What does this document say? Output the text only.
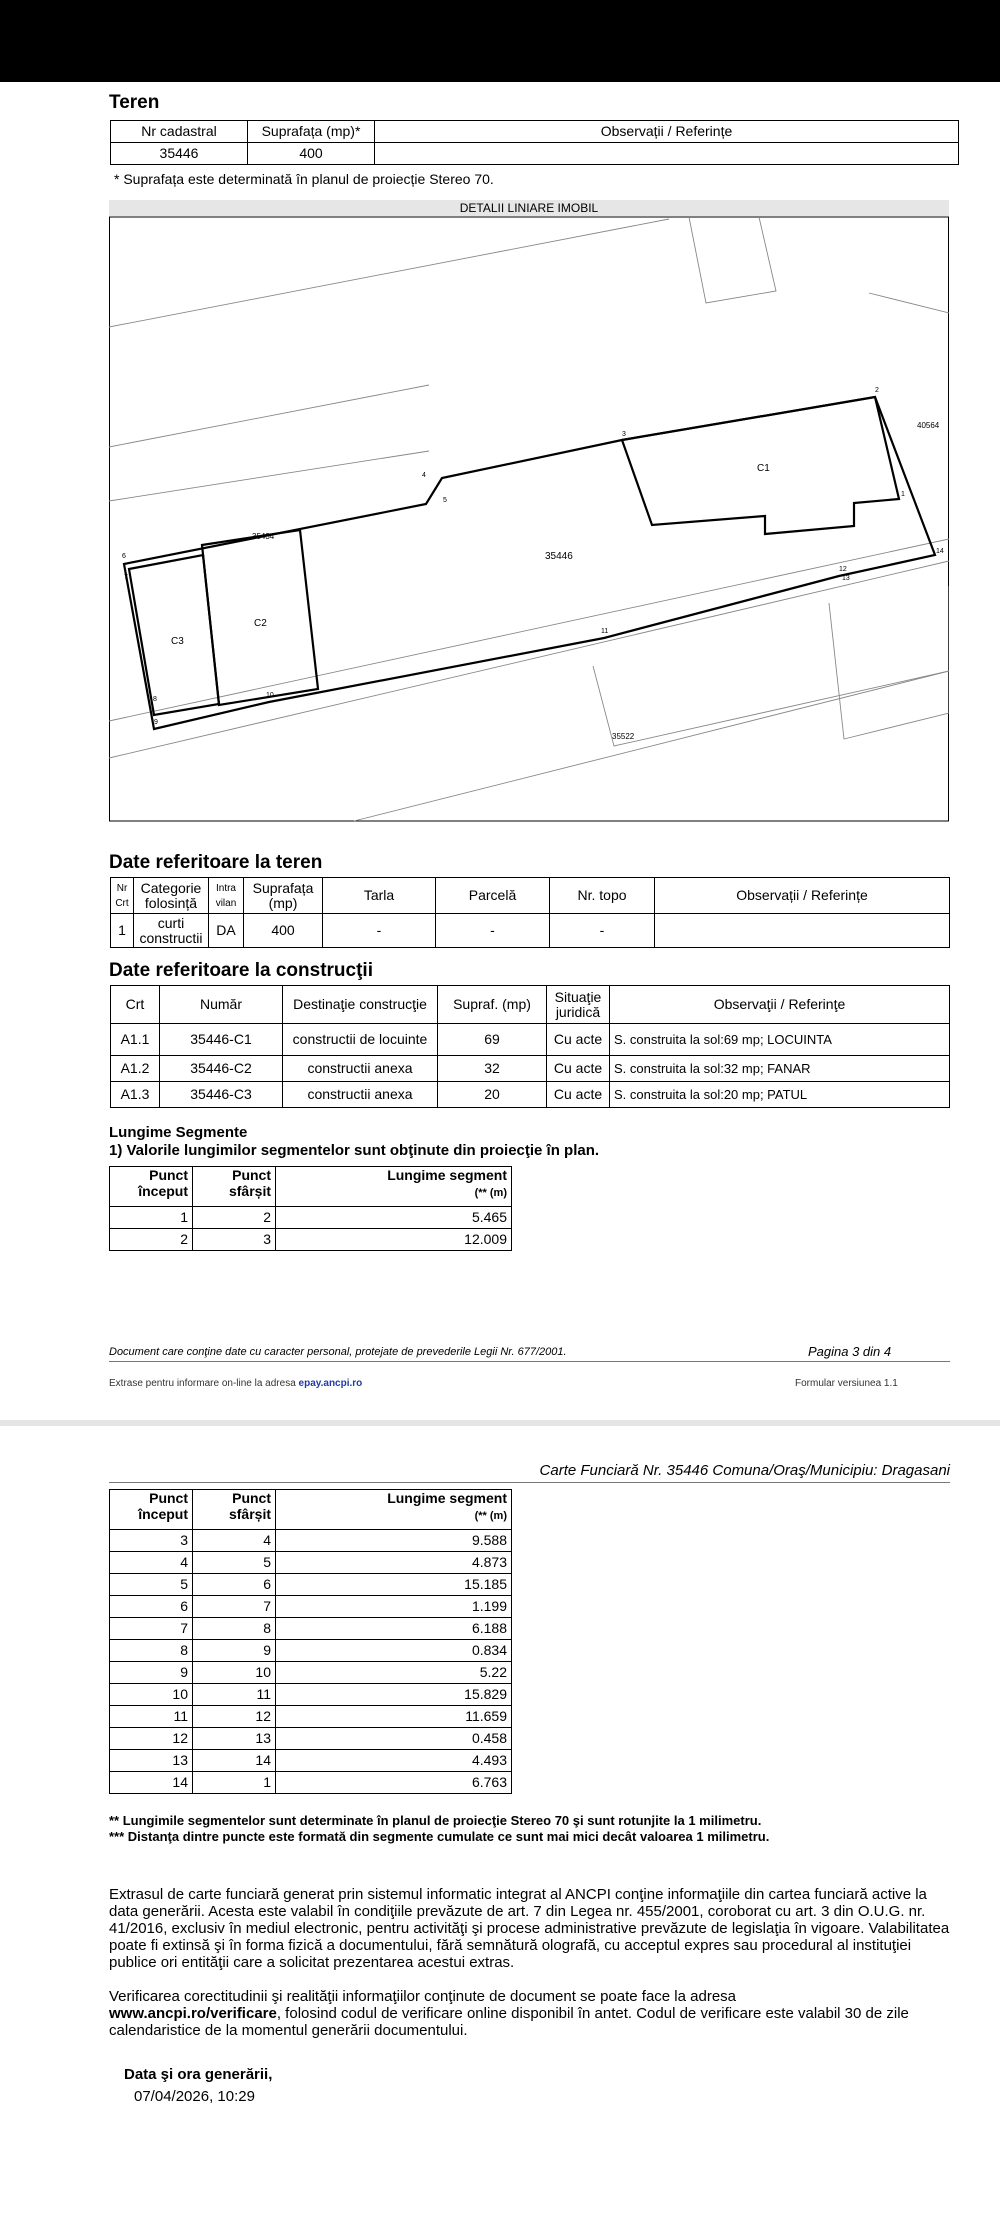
Teren
Nr cadastral	Suprafața (mp)*	Observații / Referințe
35446	400	
* Suprafața este determinată în planul de proiecție Stereo 70.
DETALII LINIARE IMOBIL
C1
C2
C3
35446
35434
40564
35522
2
3
4
5
6
7
8
9
10
11
12
13
14
1
Date referitoare la teren
Nr Crt	Categorie folosință	Intra vilan	Suprafața (mp)	Tarla	Parcelă	Nr. topo	Observații / Referințe
1	curti constructii	DA	400	-	-	-	
Date referitoare la construcţii
Crt	Număr	Destinaţie construcţie	Supraf. (mp)	Situaţie juridică	Observaţii / Referinţe
A1.1	35446-C1	constructii de locuinte	69	Cu acte	S. construita la sol:69 mp; LOCUINTA
A1.2	35446-C2	constructii anexa	32	Cu acte	S. construita la sol:32 mp; FANAR
A1.3	35446-C3	constructii anexa	20	Cu acte	S. construita la sol:20 mp; PATUL
Lungime Segmente
1) Valorile lungimilor segmentelor sunt obţinute din proiecţie în plan.
Punct început	Punct sfârșit	Lungime segment
(** (m)
1	2	5.465
2	3	12.009
Document care conţine date cu caracter personal, protejate de prevederile Legii Nr. 677/2001.	Pagina 3 din 4
Extrase pentru informare on-line la adresa epay.ancpi.ro	Formular versiunea 1.1
Carte Funciară Nr. 35446 Comuna/Oraş/Municipiu: Dragasani
Punct început	Punct sfârșit	Lungime segment
(** (m)
3	4	9.588
4	5	4.873
5	6	15.185
6	7	1.199
7	8	6.188
8	9	0.834
9	10	5.22
10	11	15.829
11	12	11.659
12	13	0.458
13	14	4.493
14	1	6.763
** Lungimile segmentelor sunt determinate în planul de proiecţie Stereo 70 şi sunt rotunjite la 1 milimetru.
*** Distanţa dintre puncte este formată din segmente cumulate ce sunt mai mici decât valoarea 1 milimetru.
Extrasul de carte funciară generat prin sistemul informatic integrat al ANCPI conţine informaţiile din cartea funciară active la data generării. Acesta este valabil în condiţiile prevăzute de art. 7 din Legea nr. 455/2001, coroborat cu art. 3 din O.U.G. nr. 41/2016, exclusiv în mediul electronic, pentru activităţi şi procese administrative prevăzute de legislaţia în vigoare. Valabilitatea poate fi extinsă şi în forma fizică a documentului, fără semnătură olografă, cu acceptul expres sau procedural al instituţiei publice ori entităţii care a solicitat prezentarea acestui extras.
Verificarea corectitudinii şi realităţii informaţiilor conţinute de document se poate face la adresa
www.ancpi.ro/verificare, folosind codul de verificare online disponibil în antet. Codul de verificare este valabil 30 de zile calendaristice de la momentul generării documentului.
Data şi ora generării,
07/04/2026, 10:29
